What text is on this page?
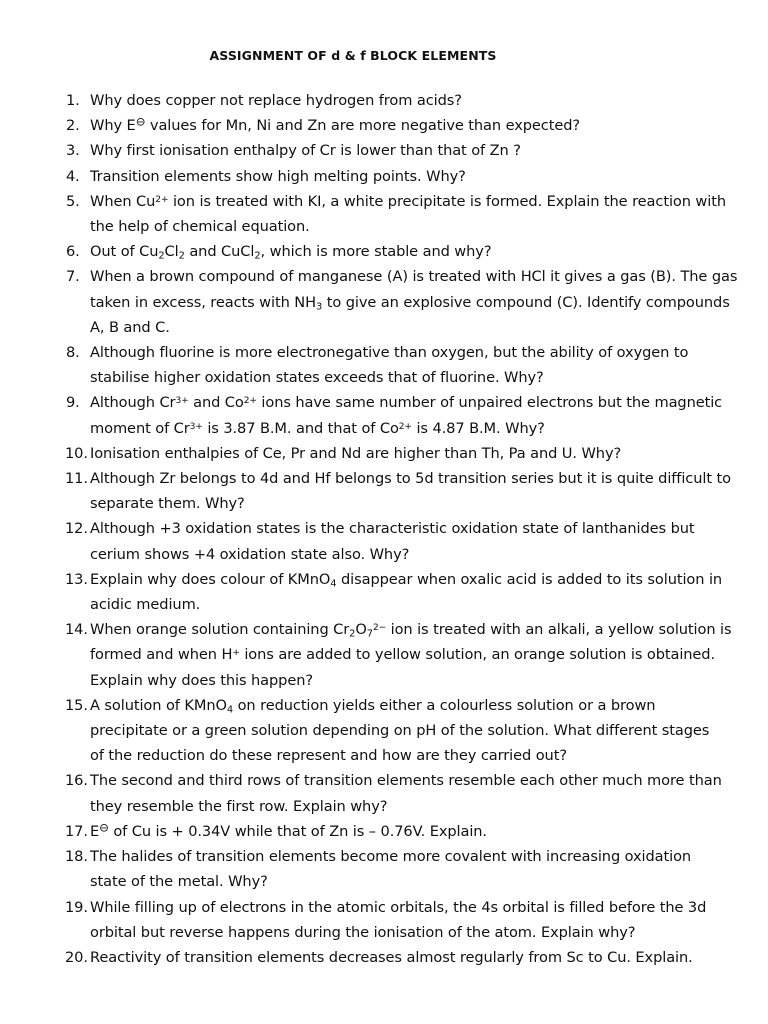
ASSIGNMENT OF d & f BLOCK ELEMENTS
1. Why does copper not replace hydrogen from acids?
2. Why E⊖ values for Mn, Ni and Zn are more negative than expected?
3. Why first ionisation enthalpy of Cr is lower than that of Zn ?
4. Transition elements show high melting points. Why?
5. When $Cu^{2+}$ ion is treated with KI, a white precipitate is formed. Explain the reaction with
the help of chemical equation.
6. Out of $Cu_2Cl_2$ and CuCl$_2$, which is more stable and why?
7. When a brown compound of manganese (A) is treated with HCl it gives a gas (B). The gas
taken in excess, reacts with $NH_3$ to give an explosive compound (C). Identify compounds
A, B and C.
8. Although fluorine is more electronegative than oxygen, but the ability of oxygen to
stabilise higher oxidation states exceeds that of fluorine. Why?
9. Although $Cr^{3+}$ and $Co^{2+}$ ions have same number of unpaired electrons but the magnetic
moment of $Cr^{3+}$ is 3.87 B.M. and that of $Co^{2+}$ is 4.87 B.M. Why?
10. Ionisation enthalpies of Ce, Pr and Nd are higher than Th, Pa and U. Why?
11. Although Zr belongs to 4d and Hf belongs to 5d transition series but it is quite difficult to
separate them. Why?
12. Although +3 oxidation states is the characteristic oxidation state of lanthanides but
cerium shows +4 oxidation state also. Why?
13. Explain why does colour of KMnO$_4$ disappear when oxalic acid is added to its solution in
acidic medium.
14. When orange solution containing $Cr_2O_7^{2-}$ ion is treated with an alkali, a yellow solution is
formed and when H+ ions are added to yellow solution, an orange solution is obtained.
Explain why does this happen?
15. A solution of KMnO$_4$ on reduction yields either a colourless solution or a brown
precipitate or a green solution depending on pH of the solution. What different stages
of the reduction do these represent and how are they carried out?
16. The second and third rows of transition elements resemble each other much more than
they resemble the first row. Explain why?
17. E⊖ of Cu is + 0.34V while that of Zn is – 0.76V. Explain.
18. The halides of transition elements become more covalent with increasing oxidation
state of the metal. Why?
19. While filling up of electrons in the atomic orbitals, the 4s orbital is filled before the 3d
orbital but reverse happens during the ionisation of the atom. Explain why?
20. Reactivity of transition elements decreases almost regularly from Sc to Cu. Explain.
